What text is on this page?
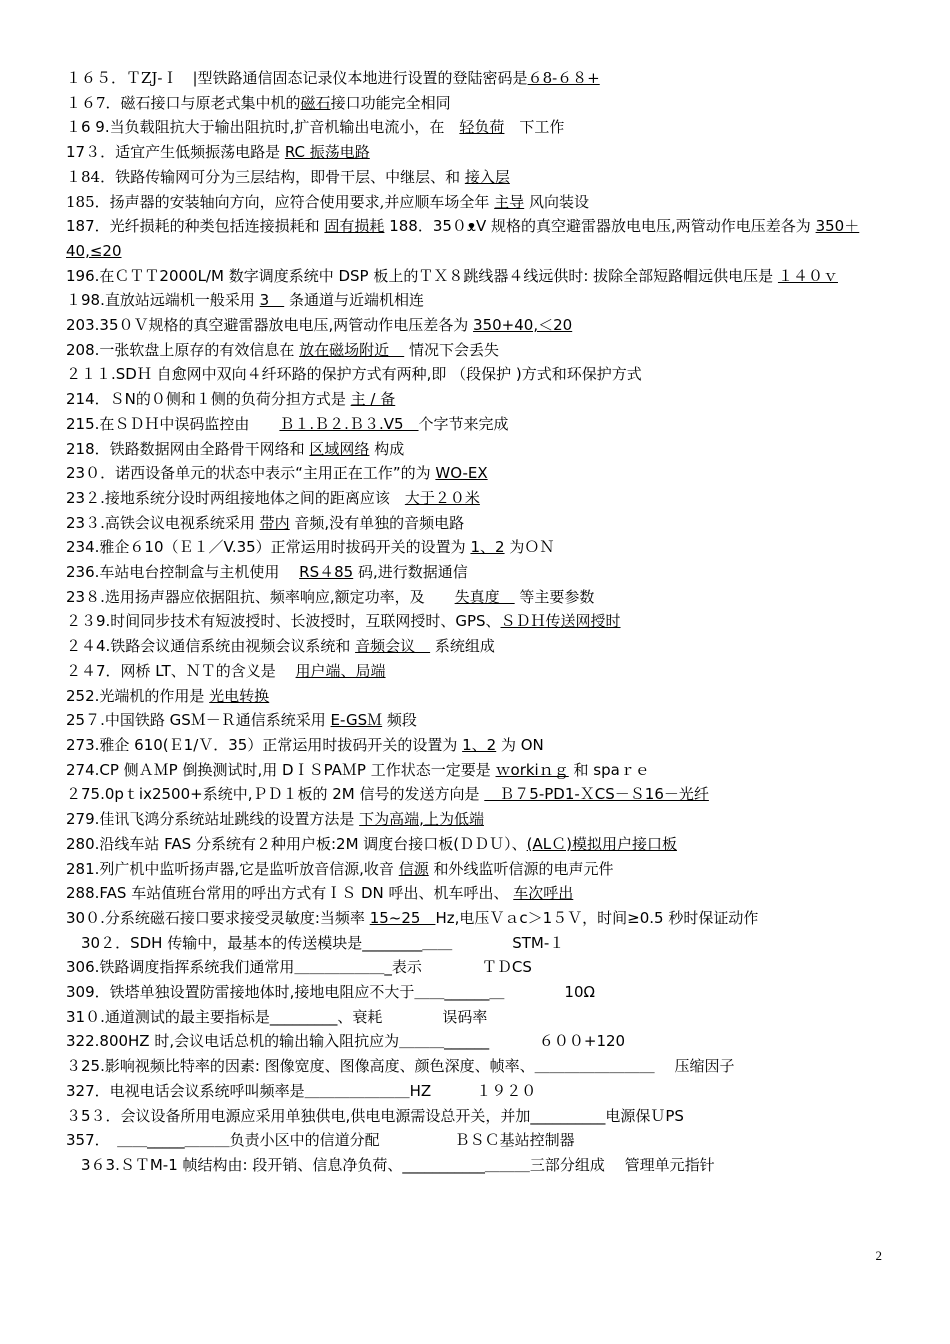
１６５．ＴZJ-Ｉ　|型铁路通信固态记录仪本地进行设置的登陆密码是６8-６８+
１６7．磁石接口与原老式集中机的磁石接口功能完全相同
１6 9.当负载阻抗大于输出阻抗时,扩音机输出电流小，在　轻负荷　下工作
17３．适宜产生低频振荡电路是 RC 振荡电路
１84．铁路传输网可分为三层结构，即骨干层、中继层、和 接入层
185．扬声器的安装轴向方向，应符合使用要求,并应顺车场全年 主导 风向装设
187．光纤损耗的种类包括连接损耗和 固有损耗 188．35０ᴥV 规格的真空避雷器放电电压,两管动作电压差各为 350＋40,≤20
196.在ＣＴＴ2000L/M 数字调度系统中 DSP 板上的ＴＸ８跳线器４线远供时: 拔除全部短路帽远供电压是 １４０ｖ
１98.直放站远端机一般采用 3　 条通道与近端机相连
203.35０Ｖ规格的真空避雷器放电电压,两管动作电压差各为 350+40,＜20
208.一张软盘上原存的有效信息在 放在磁场附近　 情况下会丢失
２１１.SDＨ 自愈网中双向４纤环路的保护方式有两种,即 （段保护 )方式和环保护方式
214．ＳN的０侧和１侧的负荷分担方式是 主 / 备
215.在ＳＤＨ中误码监控由　　Ｂ１.Ｂ２.Ｂ３.V5　个字节来完成
218．铁路数据网由全路骨干网络和 区域网络 构成
23０．诺西设备单元的状态中表示“主用正在工作”的为 WO-EX
23２.接地系统分设时两组接地体之间的距离应该　大于２０米
23３.高铁会议电视系统采用 带内 音频,没有单独的音频电路
234.雅企６10（Ｅ１／V.35）正常运用时拔码开关的设置为 1、2 为ＯＮ
236.车站电台控制盒与主机使用　 RS４85 码,进行数据通信
23８.选用扬声器应依据阻抗、频率响应,额定功率，及　　失真度　 等主要参数
２３9.时间同步技术有短波授时、长波授时，互联网授时、GPS、ＳＤＨ传送网授时
２４4.铁路会议通信系统由视频会议系统和 音频会议　 系统组成
２４7．网桥 LT、ＮＴ的含义是　 用户端、局端
252.光端机的作用是 光电转换
25７.中国铁路 GSＭ－Ｒ通信系统采用 E-GSＭ 频段
273.雅企 610(Ｅ1/Ｖ．35）正常运用时拔码开关的设置为 1、2 为 ON
274.CP 侧ＡＭP 倒换测试时,用 DＩＳPAＭP 工作状态一定要是 ｗorkiｎｇ 和 spaｒｅ
２75.0pｔix2500+系统中,ＰＤ１板的 2M 信号的发送方向是 　Ｂ７5-PD1-ＸCS－Ｓ16－光纤
279.佳讯飞鸿分系统站址跳线的设置方法是 下为高端,上为低端
280.沿线车站 FAS 分系统有２种用户板:2M 调度台接口板(ＤＤＵ）、(ALＣ)模拟用户接口板
281.列广机中监听扬声器,它是监听放音信源,收音 信源 和外线监听信源的电声元件
288.FAS 车站值班台常用的呼出方式有ＩＳ DN 呼出、机车呼出、 车次呼出
30０.分系统磁石接口要求接受灵敏度:当频率 15~25　Hz,电压Ｖａc＞1５Ｖ，时间≥0.5 秒时保证动作
　30２．SDH 传输中，最基本的传送模块是________＿＿　　　　STM-１
306.铁路调度指挥系统我们通常用＿＿＿＿＿＿_表示　　　　ＴＤCS
309．铁塔单独设置防雷接地体时,接地电阻应不大于＿＿______＿　　　　10Ω
31０.通道测试的最主要指标是_________、衰耗　　　　误码率
322.800HZ 时,会议电话总机的输出输入阻抗应为＿＿＿______　　　 ６００+120
３25.影响视频比特率的因素: 图像宽度、图像高度、颜色深度、帧率、＿＿＿＿＿＿＿＿　 压缩因子
327．电视电话会议系统呼叫频率是＿＿＿＿＿＿＿HZ　　　１９２０
３5３．会议设备所用电源应采用单独供电,供电电源需设总开关，并加__________电源保ＵPS
357．　＿＿_____＿＿＿负责小区中的信道分配　　　　　ＢＳＣ基站控制器
　3６3.ＳＴM-1 帧结构由: 段开销、信息净负荷、___________＿＿＿三部分组成　 管理单元指针
2
